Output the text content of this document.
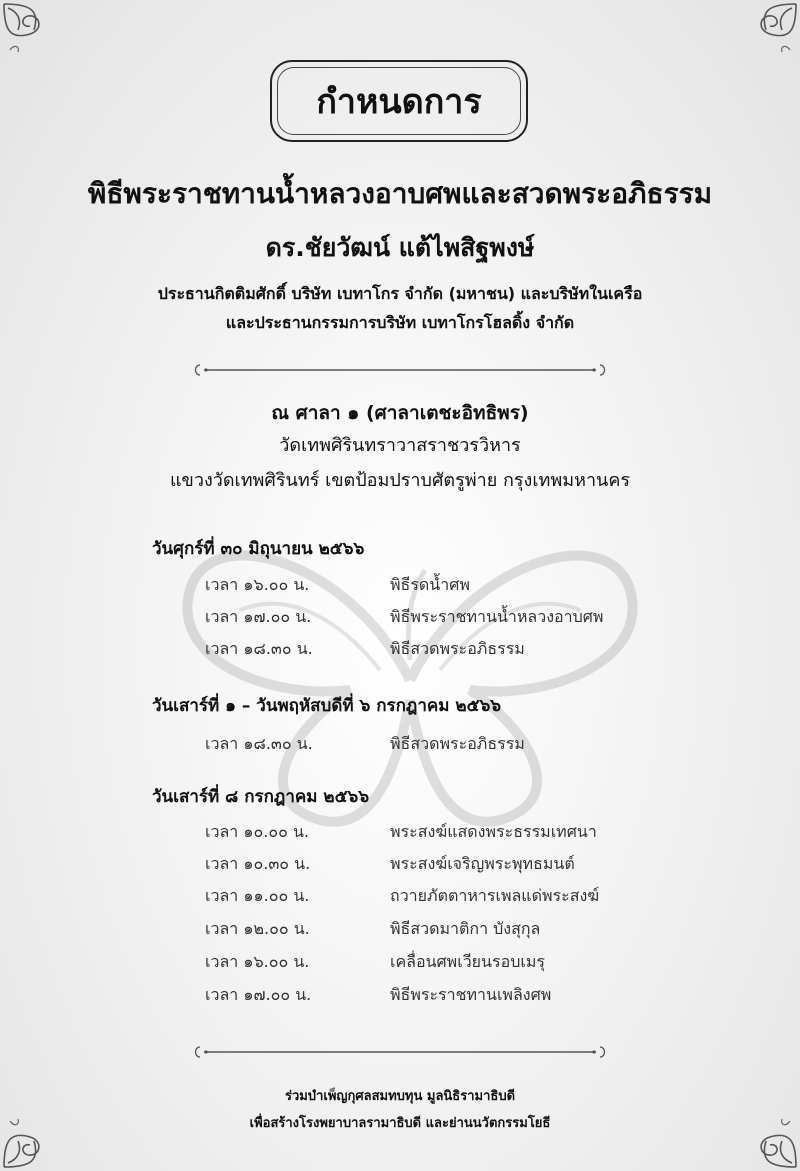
กำหนดการ
พิธีพระราชทานน้ำหลวงอาบศพและสวดพระอภิธรรม
ดร.ชัยวัฒน์ แต้ไพสิฐพงษ์
ประธานกิตติมศักดิ์ บริษัท เบทาโกร จำกัด (มหาชน) และบริษัทในเครือ
และประธานกรรมการบริษัท เบทาโกรโฮลดิ้ง จำกัด
ณ ศาลา ๑ (ศาลาเตชะอิทธิพร)
วัดเทพศิรินทราวาสราชวรวิหาร
แขวงวัดเทพศิรินทร์ เขตป้อมปราบศัตรูพ่าย กรุงเทพมหานคร
วันศุกร์ที่ ๓๐ มิถุนายน ๒๕๖๖
เวลา ๑๖.๐๐ น.	พิธีรดน้ำศพ
เวลา ๑๗.๐๐ น.	พิธีพระราชทานน้ำหลวงอาบศพ
เวลา ๑๘.๓๐ น.	พิธีสวดพระอภิธรรม
วันเสาร์ที่ ๑ – วันพฤหัสบดีที่ ๖ กรกฎาคม ๒๕๖๖
เวลา ๑๘.๓๐ น.	พิธีสวดพระอภิธรรม
วันเสาร์ที่ ๘ กรกฎาคม ๒๕๖๖
เวลา ๑๐.๐๐ น.	พระสงฆ์แสดงพระธรรมเทศนา
เวลา ๑๐.๓๐ น.	พระสงฆ์เจริญพระพุทธมนต์
เวลา ๑๑.๐๐ น.	ถวายภัตตาหารเพลแด่พระสงฆ์
เวลา ๑๒.๐๐ น.	พิธีสวดมาติกา บังสุกุล
เวลา ๑๖.๐๐ น.	เคลื่อนศพเวียนรอบเมรุ
เวลา ๑๗.๐๐ น.	พิธีพระราชทานเพลิงศพ
ร่วมบำเพ็ญกุศลสมทบทุน มูลนิธิรามาธิบดี
เพื่อสร้างโรงพยาบาลรามาธิบดี และย่านนวัตกรรมโยธี
